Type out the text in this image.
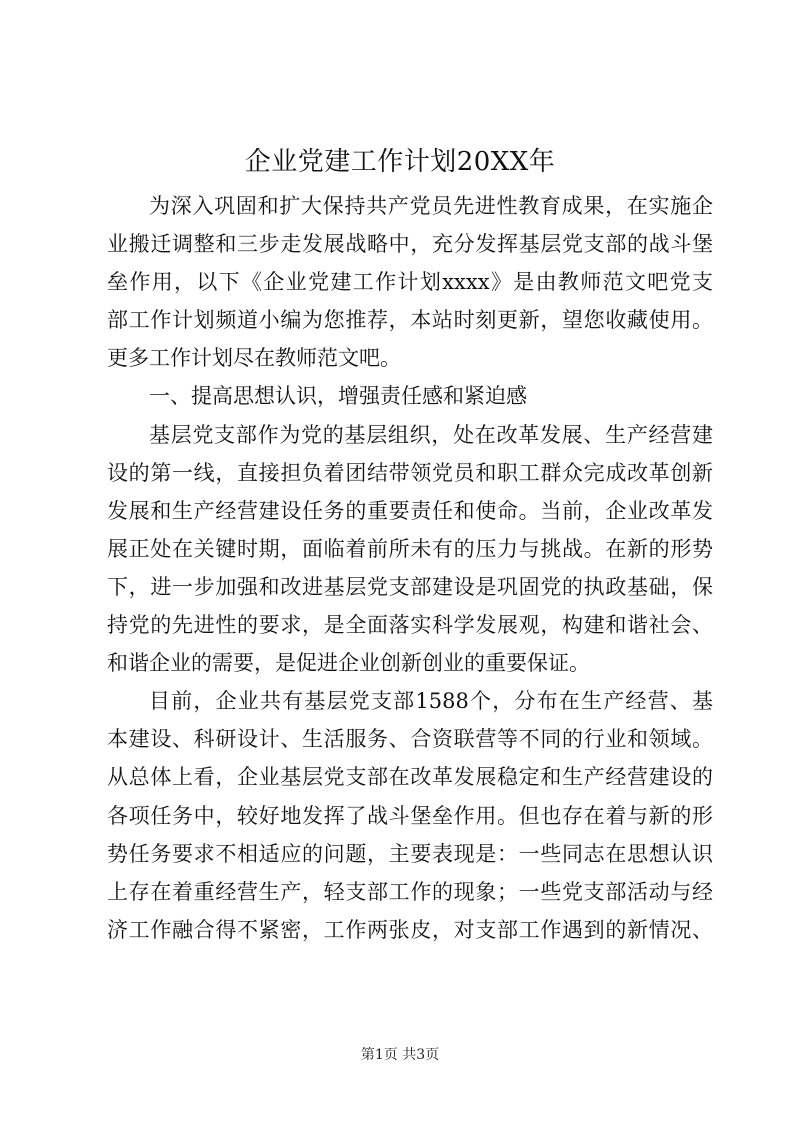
企业党建工作计划20XX年
为深入巩固和扩大保持共产党员先进性教育成果，在实施企
业搬迁调整和三步走发展战略中，充分发挥基层党支部的战斗堡
垒作用，以下《企业党建工作计划xxxx》是由教师范文吧党支
部工作计划频道小编为您推荐，本站时刻更新，望您收藏使用。
更多工作计划尽在教师范文吧。
一、提高思想认识，增强责任感和紧迫感
基层党支部作为党的基层组织，处在改革发展、生产经营建
设的第一线，直接担负着团结带领党员和职工群众完成改革创新
发展和生产经营建设任务的重要责任和使命。当前，企业改革发
展正处在关键时期，面临着前所未有的压力与挑战。在新的形势
下，进一步加强和改进基层党支部建设是巩固党的执政基础，保
持党的先进性的要求，是全面落实科学发展观，构建和谐社会、
和谐企业的需要，是促进企业创新创业的重要保证。
目前，企业共有基层党支部1588个，分布在生产经营、基
本建设、科研设计、生活服务、合资联营等不同的行业和领域。
从总体上看，企业基层党支部在改革发展稳定和生产经营建设的
各项任务中，较好地发挥了战斗堡垒作用。但也存在着与新的形
势任务要求不相适应的问题，主要表现是：一些同志在思想认识
上存在着重经营生产，轻支部工作的现象；一些党支部活动与经
济工作融合得不紧密，工作两张皮，对支部工作遇到的新情况、
第1页 共3页
